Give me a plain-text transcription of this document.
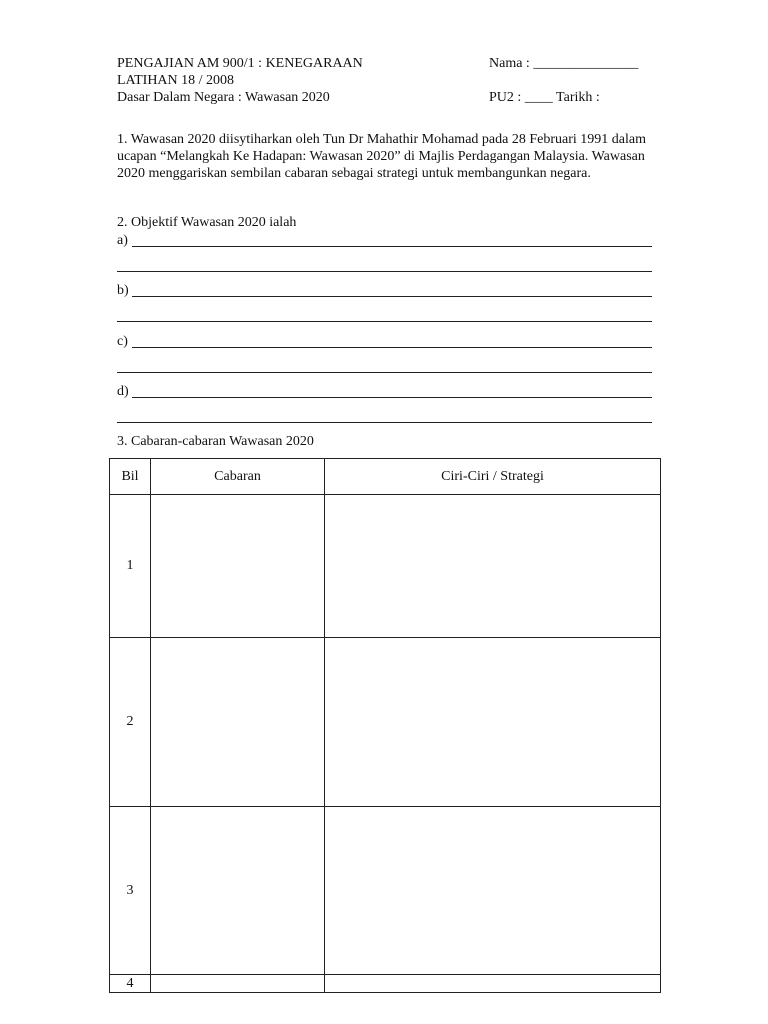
PENGAJIAN AM 900/1 : KENEGARAAN
LATIHAN 18 / 2008
Dasar Dalam Negara : Wawasan 2020
Nama : _______________
PU2 : ____ Tarikh :
1. Wawasan 2020 diisytiharkan oleh Tun Dr Mahathir Mohamad pada 28 Februari 1991 dalam ucapan “Melangkah Ke Hadapan: Wawasan 2020” di Majlis Perdagangan Malaysia. Wawasan 2020 menggariskan sembilan cabaran sebagai strategi untuk membangunkan negara.
2. Objektif Wawasan 2020 ialah
a)
b)
c)
d)
3. Cabaran-cabaran Wawasan 2020
Bil	Cabaran	Ciri-Ciri / Strategi
1		
2		
3		
4		
